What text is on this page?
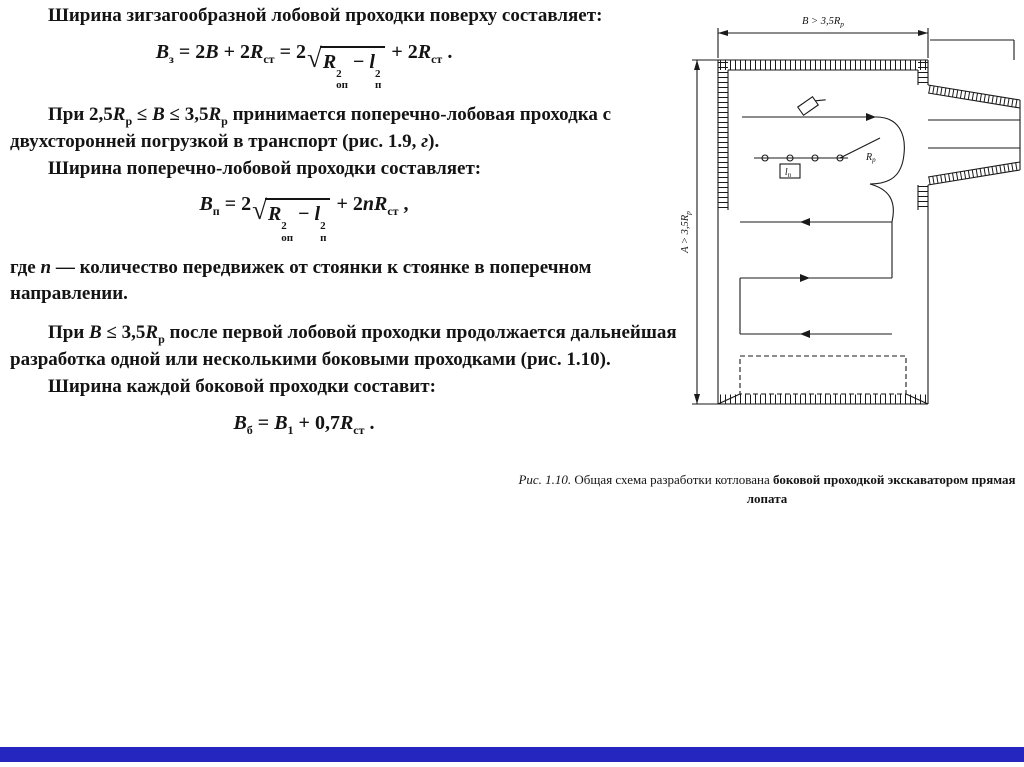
Ширина зигзагообразной лобовой проходки поверху составляет:

$B_з = 2B + 2R_{ст} = 2$ √ R
2
оп
− l
2
п
+ $2R_{ст}$ .

При $2,5R_р \le B \le 3,5R_р$ принимается поперечно-лобовая проходка с двухсторонней погрузкой в транспорт (рис. 1.9, г).

Ширина поперечно-лобовой проходки составляет:

$B_п = 2$ √ R
2
оп
− l
2
п
+ $2nR_{ст}$ ,

где n — количество передвижек от стоянки к стоянке в поперечном направлении.

При $B \le 3,5R_р$ после первой лобовой проходки продолжается дальнейшая разработка одной или несколькими боковыми проходками (рис. 1.10).

Ширина каждой боковой проходки составит:

$B_б = B_1 + 0,7R_{ст}$ .
$B > 3,5R_р$
$A > 3,5R_р$
$l_п$
$R_р$
Рис. 1.10. Общая схема разработки котлована боковой проходкой экскаватором прямая лопата
